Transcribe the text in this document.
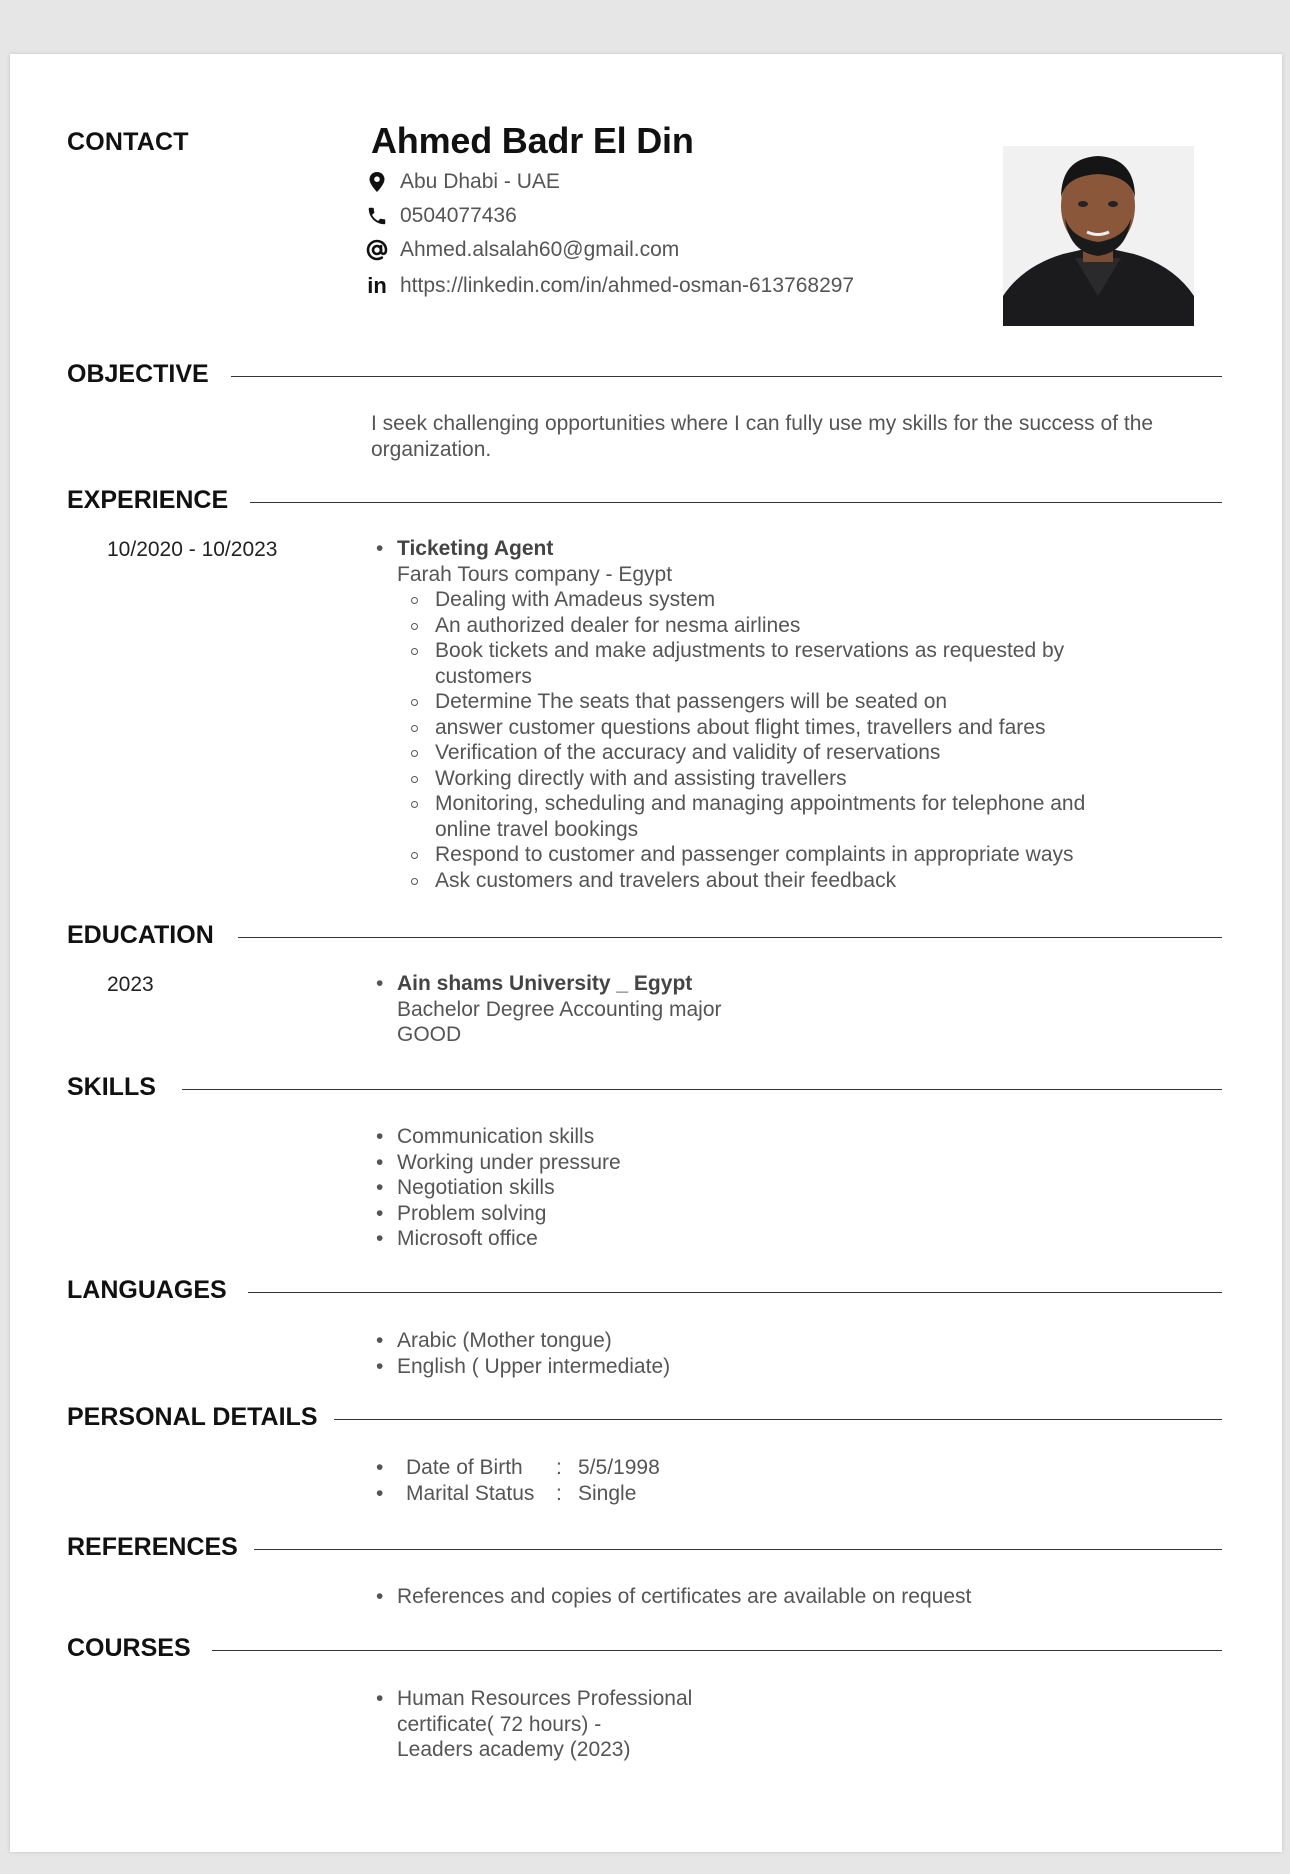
CONTACT	Ahmed Badr El Din
Abu Dhabi - UAE
0504077436
Ahmed.alsalah60@gmail.com
in https://linkedin.com/in/ahmed-osman-613768297
OBJECTIVE
I seek challenging opportunities where I can fully use my skills for the success of the organization.
EXPERIENCE
10/2020 - 10/2023	• Ticketing Agent
Farah Tours company - Egypt
Dealing with Amadeus system
An authorized dealer for nesma airlines
Book tickets and make adjustments to reservations as requested by customers
Determine The seats that passengers will be seated on
answer customer questions about flight times, travellers and fares
Verification of the accuracy and validity of reservations
Working directly with and assisting travellers
Monitoring, scheduling and managing appointments for telephone and online travel bookings
Respond to customer and passenger complaints in appropriate ways
Ask customers and travelers about their feedback
EDUCATION
2023	• Ain shams University _ Egypt
Bachelor Degree Accounting major
GOOD
SKILLS
• Communication skills
• Working under pressure
• Negotiation skills
• Problem solving
• Microsoft office
LANGUAGES
• Arabic (Mother tongue)
• English ( Upper intermediate)
PERSONAL DETAILS
• Date of Birth	: 5/5/1998
• Marital Status	: Single
REFERENCES
• References and copies of certificates are available on request
COURSES
• Human Resources Professional
certificate( 72 hours) -
Leaders academy (2023)
